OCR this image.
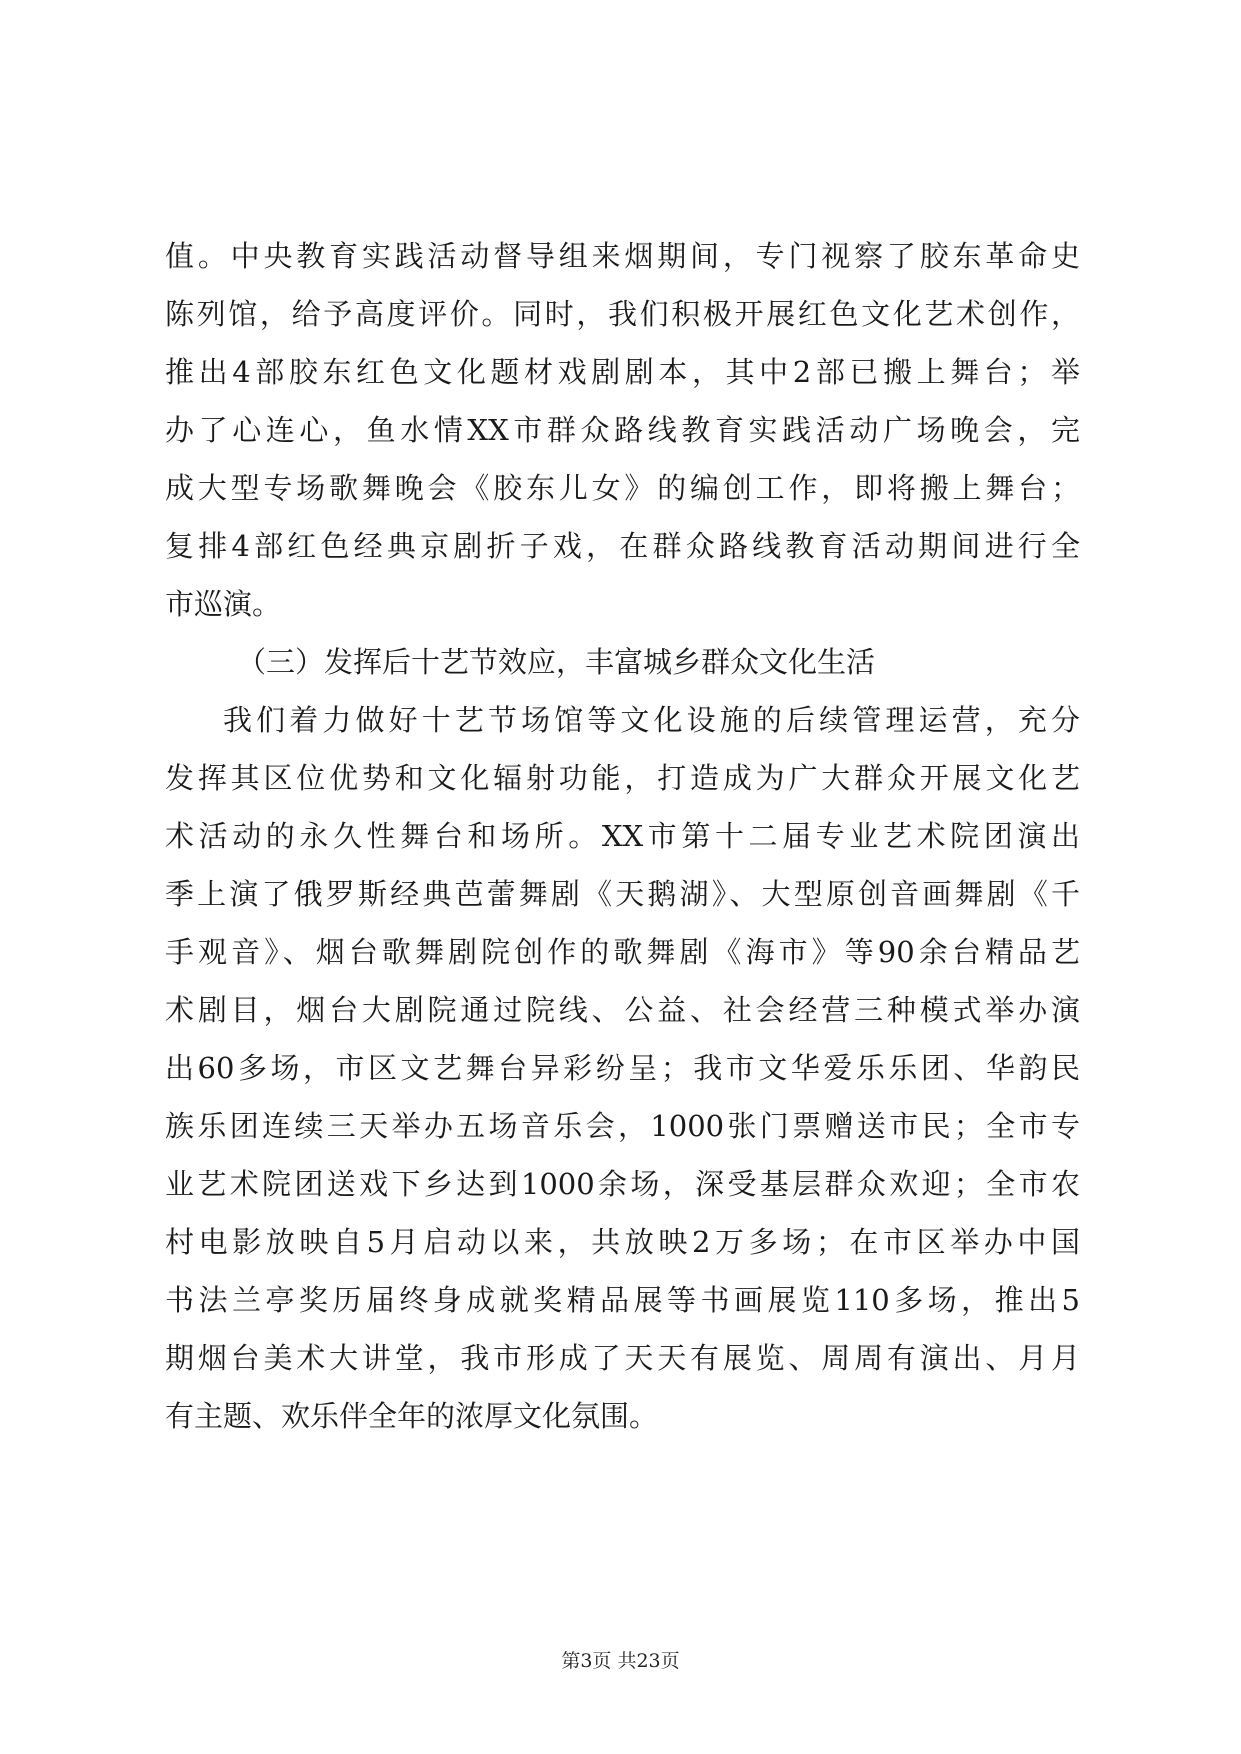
值。中央教育实践活动督导组来烟期间，专门视察了胶东革命史
陈列馆，给予高度评价。同时，我们积极开展红色文化艺术创作，
推出4部胶东红色文化题材戏剧剧本，其中2部已搬上舞台；举
办了心连心，鱼水情XX市群众路线教育实践活动广场晚会，完
成大型专场歌舞晚会《胶东儿女》的编创工作，即将搬上舞台；
复排4部红色经典京剧折子戏，在群众路线教育活动期间进行全
市巡演。
（三）发挥后十艺节效应，丰富城乡群众文化生活
我们着力做好十艺节场馆等文化设施的后续管理运营，充分
发挥其区位优势和文化辐射功能，打造成为广大群众开展文化艺
术活动的永久性舞台和场所。XX市第十二届专业艺术院团演出
季上演了俄罗斯经典芭蕾舞剧《天鹅湖》、大型原创音画舞剧《千
手观音》、烟台歌舞剧院创作的歌舞剧《海市》等90余台精品艺
术剧目，烟台大剧院通过院线、公益、社会经营三种模式举办演
出60多场，市区文艺舞台异彩纷呈；我市文华爱乐乐团、华韵民
族乐团连续三天举办五场音乐会，1000张门票赠送市民；全市专
业艺术院团送戏下乡达到1000余场，深受基层群众欢迎；全市农
村电影放映自5月启动以来，共放映2万多场；在市区举办中国
书法兰亭奖历届终身成就奖精品展等书画展览110多场，推出5
期烟台美术大讲堂，我市形成了天天有展览、周周有演出、月月
有主题、欢乐伴全年的浓厚文化氛围。
第3页 共23页
